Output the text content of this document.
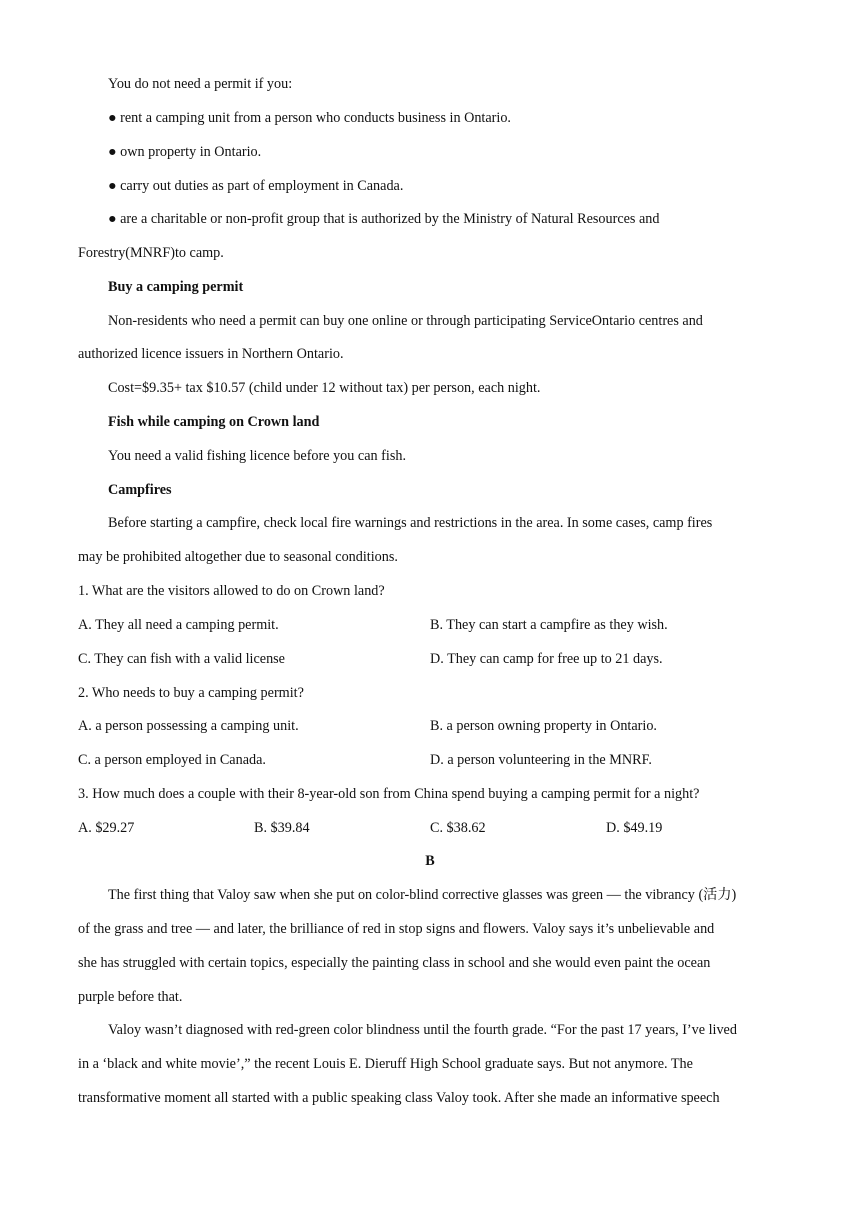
You do not need a permit if you:
● rent a camping unit from a person who conducts business in Ontario.
● own property in Ontario.
● carry out duties as part of employment in Canada.
● are a charitable or non-profit group that is authorized by the Ministry of Natural Resources and
Forestry(MNRF)to camp.
Buy a camping permit
Non-residents who need a permit can buy one online or through participating ServiceOntario centres and
authorized licence issuers in Northern Ontario.
Cost=$9.35+ tax $10.57 (child under 12 without tax) per person, each night.
Fish while camping on Crown land
You need a valid fishing licence before you can fish.
Campfires
Before starting a campfire, check local fire warnings and restrictions in the area. In some cases, camp fires
may be prohibited altogether due to seasonal conditions.
1. What are the visitors allowed to do on Crown land?
A. They all need a camping permit.	B. They can start a campfire as they wish.
C. They can fish with a valid license	D. They can camp for free up to 21 days.
2. Who needs to buy a camping permit?
A. a person possessing a camping unit.	B. a person owning property in Ontario.
C. a person employed in Canada.	D. a person volunteering in the MNRF.
3. How much does a couple with their 8-year-old son from China spend buying a camping permit for a night?
A. $29.27	B. $39.84	C. $38.62	D. $49.19
B
The first thing that Valoy saw when she put on color-blind corrective glasses was green — the vibrancy (活力)
of the grass and tree — and later, the brilliance of red in stop signs and flowers. Valoy says it’s unbelievable and
she has struggled with certain topics, especially the painting class in school and she would even paint the ocean
purple before that.
Valoy wasn’t diagnosed with red-green color blindness until the fourth grade. “For the past 17 years, I’ve lived
in a ‘black and white movie’,” the recent Louis E. Dieruff High School graduate says. But not anymore. The
transformative moment all started with a public speaking class Valoy took. After she made an informative speech
